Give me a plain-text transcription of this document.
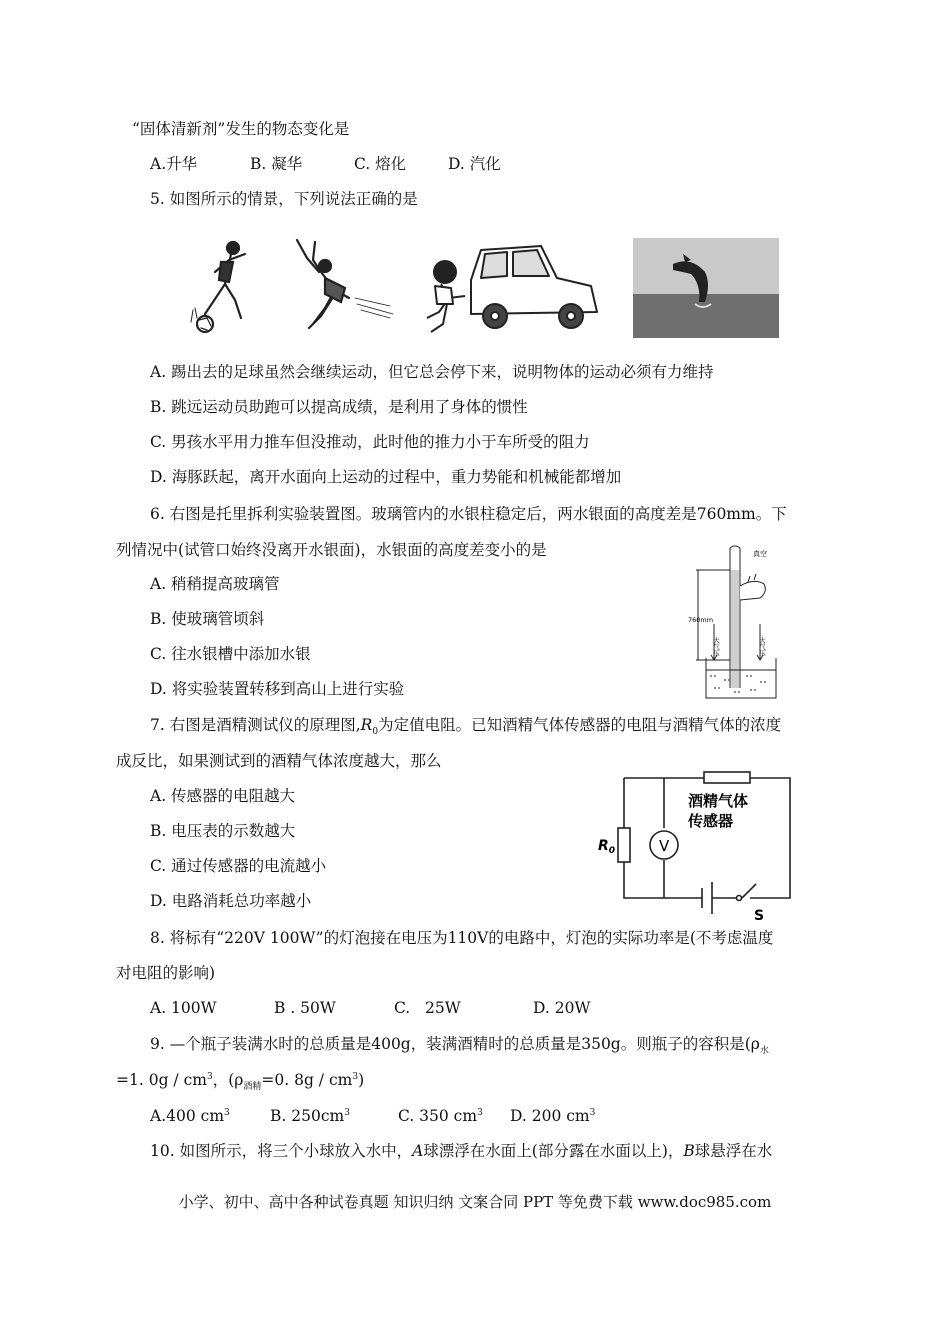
“固体清新剂”发生的物态变化是
A.升华	B. 凝华	C. 熔化	D. 汽化
5. 如图所示的情景，下列说法正确的是
A. 踢出去的足球虽然会继续运动，但它总会停下来，说明物体的运动必须有力维持
B. 跳远运动员助跑可以提高成绩，是利用了身体的惯性
C. 男孩水平用力推车但没推动，此时他的推力小于车所受的阻力
D. 海豚跃起，离开水面向上运动的过程中，重力势能和机械能都增加
6. 右图是托里拆利实验装置图。玻璃管内的水银柱稳定后，两水银面的高度差是760mm。下
列情况中(试管口始终没离开水银面)，水银面的高度差变小的是
A. 稍稍提高玻璃管
B. 使玻璃管顷斜
C. 往水银槽中添加水银
D. 将实验装置转移到高山上进行实验
真空
760mm
大气压	大气压
7. 右图是酒精测试仪的原理图$,R_0$为定值电阻。已知酒精气体传感器的电阻与酒精气体的浓度
成反比，如果测试到的酒精气体浓度越大，那么
A. 传感器的电阻越大
B. 电压表的示数越大
C. 通过传感器的电流越小
D. 电路消耗总功率越小
酒精气体
传感器
$R_0$	V
S
8. 将标有“220V 100W”的灯泡接在电压为110V的电路中，灯泡的实际功率是(不考虑温度
对电阻的影响)
A. 100W	B . 50W	C.   25W	D. 20W
9. —个瓶子装满水时的总质量是400g，装满酒精时的总质量是350g。则瓶子的容积是($\rho_水$
=1. $0g / cm^3$，($\rho_{酒精}=0$. $8g / cm^3$)
A.400 $cm^3$	B. $250cm^3$	C. 350 $cm^3$ D. 200 $cm^3$
10. 如图所示，将三个小球放入水中，A球漂浮在水面上(部分露在水面以上)，B球悬浮在水
小学、初中、高中各种试卷真题 知识归纳 文案合同 PPT 等免费下载 www.doc985.com
